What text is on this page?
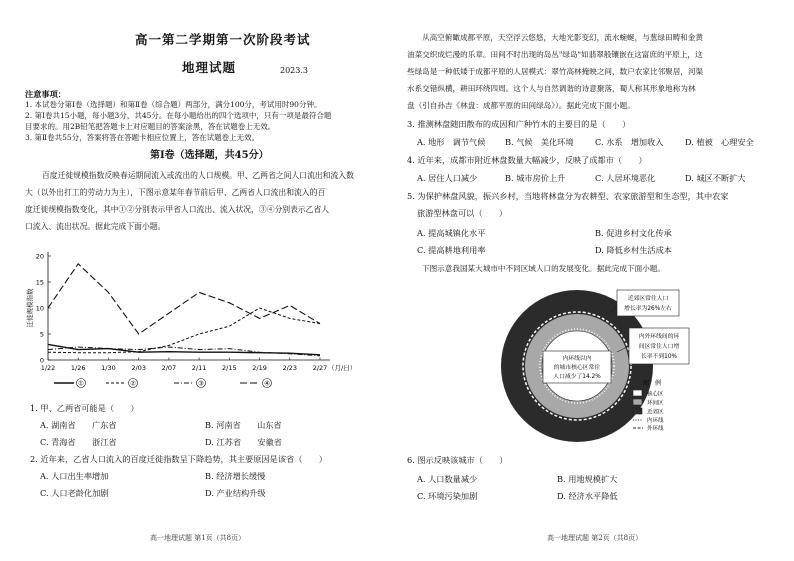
高一第二学期第一次阶段考试
地理试题	2023.3
注意事项：
1. 本试卷分第Ⅰ卷（选择题）和第Ⅱ卷（综合题）两部分，满分100分，考试用时90分钟。
2. 第Ⅰ卷共15小题，每小题3分，共45分。在每小题给出的四个选项中，只有一项是最符合题
目要求的。用2B铅笔把答题卡上对应题目的答案涂黑，答在试题卷上无效。
3. 第Ⅱ卷共55分，答案将答在答题卡相应位置上，答在试题卷上无效。
第Ⅰ卷（选择题，共45分）
百度迁徙规模指数反映春运期间流入或流出的人口规模。甲、乙两省之间人口流出和流入数
大（以外出打工的劳动力为主），下图示意某年春节前后甲、乙两省人口流出和流入的百
度迁徙规模指数变化，其中①②分别表示甲省人口流出、流入状况，③④分别表示乙省人
口流入、流出状况。据此完成下面小题。
0
5
10
15
20
迁徙规模指数
1/22 1/26 1/30 2/03 2/07 2/11 2/15 2/19 2/23 2/27 （月/日）
①	②	③	④
1. 甲、乙两省可能是（　　）
A. 湖南省　　广东省	B. 河南省　　山东省
C. 青海省　　浙江省	D. 江苏省　　安徽省
2. 近年来，乙省人口流入的百度迁徙指数呈下降趋势，其主要原因是该省（　　）
A. 人口出生率增加	B. 经济增长缓慢
C. 人口老龄化加剧	D. 产业结构升级
高一地理试题 第1页（共8页）
从高空俯瞰成都平原，天空浮云悠悠，大地光影变幻，流水蜿蜒，与葱绿田畴和金黄
油菜交织成烂漫的乐章。田间不时出现的岛丛"绿岛"如翡翠般镶嵌在这富庶的平原上，这
些绿岛是一种低矮于成都平原的人居模式：翠竹高林掩映之间，数户农家比邻聚居，河渠
水系交错纵横，耕田环绕四周。这个人与自然调谐的诗意聚落，蜀人称其形象地称为林
盘（引自孙吉《林盘：成都平原的田间绿岛》）。据此完成下面小题。
3. 推测林盘随田散布的成因和广种竹木的主要目的是（　　）
A. 地形　调节气候 B. 气候　美化环境	C. 水系　增加收入	D. 植被　心理安全
4. 近年来，成都市附近林盘数量大幅减少，反映了成都市（　　）
A. 居住人口减少	B. 城市房价上升	C. 人居环境恶化	D. 城区不断扩大
5. 为保护林盘风貌，振兴乡村，当地将林盘分为农耕型、农家旅游型和生态型，其中农家
旅游型林盘可以（　　）
A. 提高城镇化水平	B. 促进乡村文化传承
C. 提高耕地利用率	D. 降低乡村生活成本
下图示意我国某大城市中不同区域人口的发展变化。据此完成下面小题。
内环线以内
的城市核心区常住
人口减少了14.2%
近郊区常住人口
增长率为26%左右
内外环线间的环
间区常住人口增
长率不到10%
图　例
核心区
环间区
近郊区
内环线
外环线
6. 图示反映该城市（　　）
A. 人口数量减少	B. 用地规模扩大
C. 环境污染加剧	D. 经济水平降低
高一地理试题 第2页（共8页）
